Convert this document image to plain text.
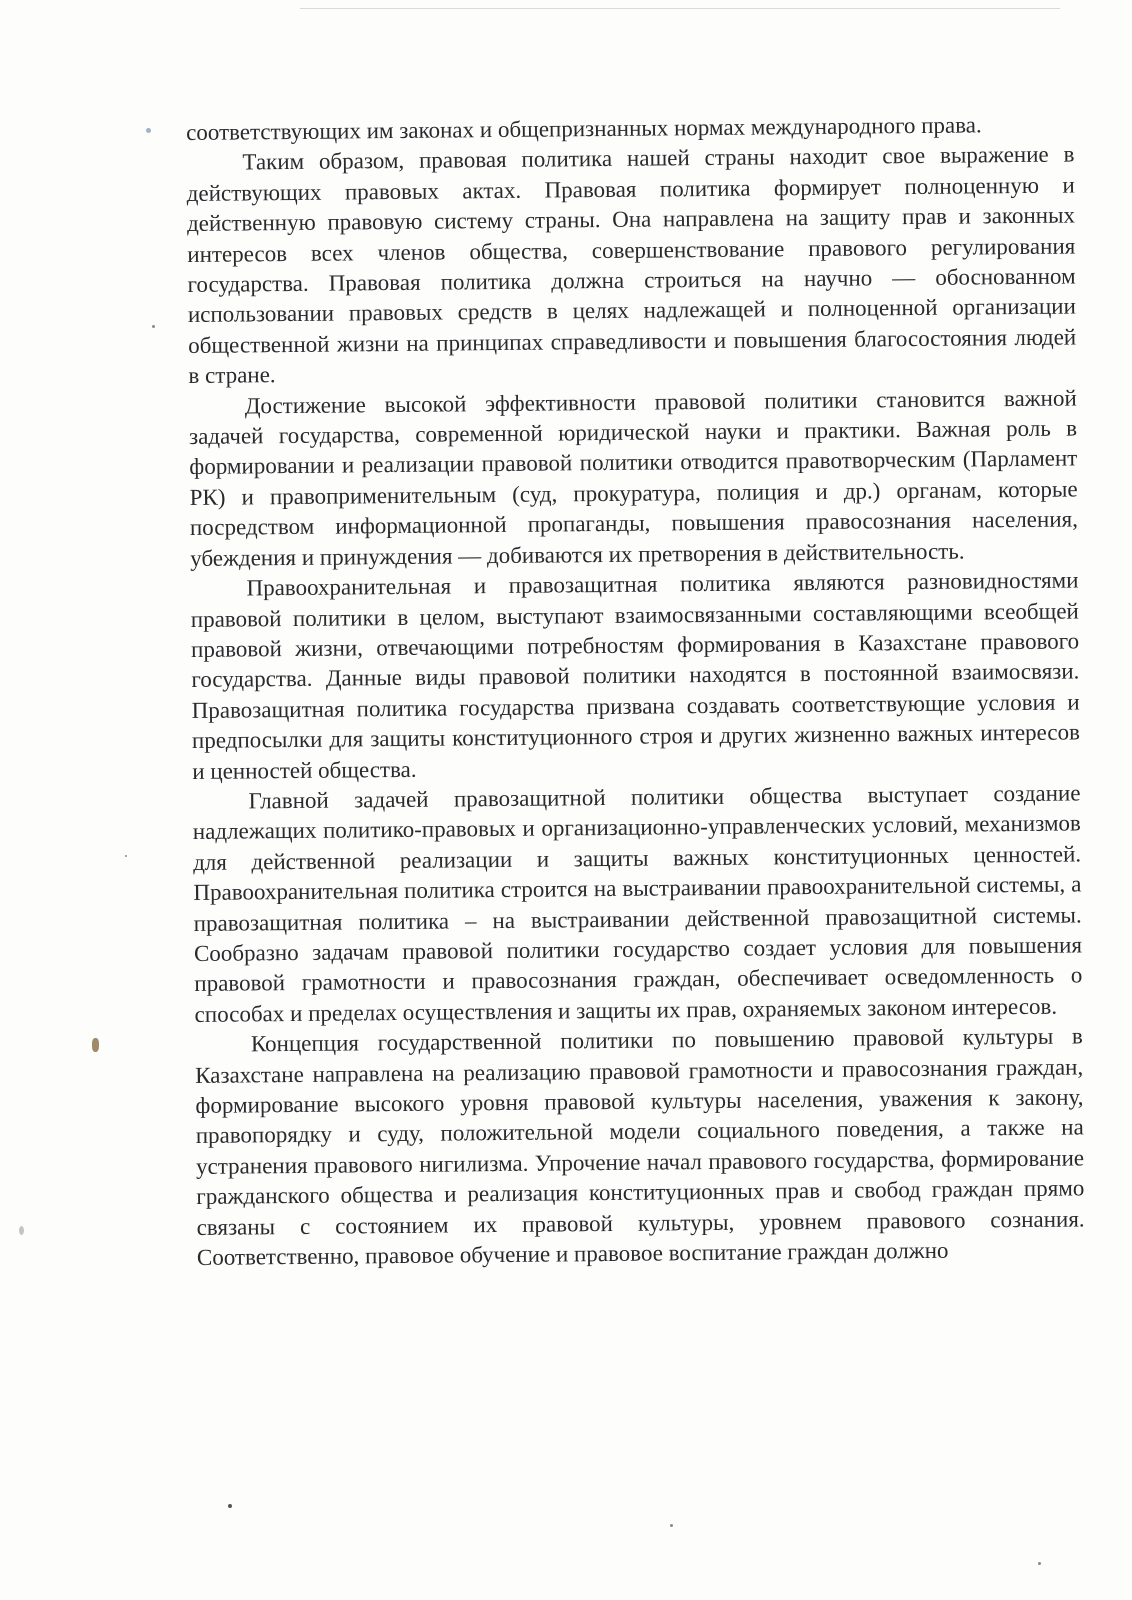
соответствующих им законах и общепризнанных нормах международного права.

Таким образом, правовая политика нашей страны находит свое выражение в действующих правовых актах. Правовая политика формирует полноценную и действенную правовую систему страны. Она направлена на защиту прав и законных интересов всех членов общества, совершенствование правового регулирования государства. Правовая политика должна строиться на научно — обоснованном использовании правовых средств в целях надлежащей и полноценной организации общественной жизни на принципах справедливости и повышения благосостояния людей в стране.

Достижение высокой эффективности правовой политики становится важной задачей государства, современной юридической науки и практики. Важная роль в формировании и реализации правовой политики отводится правотворческим (Парламент РК) и правоприменительным (суд, прокуратура, полиция и др.) органам, которые посредством информационной пропаганды, повышения правосознания населения, убеждения и принуждения — добиваются их претворения в действительность.

Правоохранительная и правозащитная политика являются разновидностями правовой политики в целом, выступают взаимосвязанными составляющими всеобщей правовой жизни, отвечающими потребностям формирования в Казахстане правового государства. Данные виды правовой политики находятся в постоянной взаимосвязи. Правозащитная политика государства призвана создавать соответствующие условия и предпосылки для защиты конституционного строя и других жизненно важных интересов и ценностей общества.

Главной задачей правозащитной политики общества выступает создание надлежащих политико-правовых и организационно-управленческих условий, механизмов для действенной реализации и защиты важных конституционных ценностей. Правоохранительная политика строится на выстраивании правоохранительной системы, а правозащитная политика – на выстраивании действенной правозащитной системы. Сообразно задачам правовой политики государство создает условия для повышения правовой грамотности и правосознания граждан, обеспечивает осведомленность о способах и пределах осуществления и защиты их прав, охраняемых законом интересов.

Концепция государственной политики по повышению правовой культуры в Казахстане направлена на реализацию правовой грамотности и правосознания граждан, формирование высокого уровня правовой культуры населения, уважения к закону, правопорядку и суду, положительной модели социального поведения, а также на устранения правового нигилизма. Упрочение начал правового государства, формирование гражданского общества и реализация конституционных прав и свобод граждан прямо связаны с состоянием их правовой культуры, уровнем правового сознания. Соответственно, правовое обучение и правовое воспитание граждан должно
